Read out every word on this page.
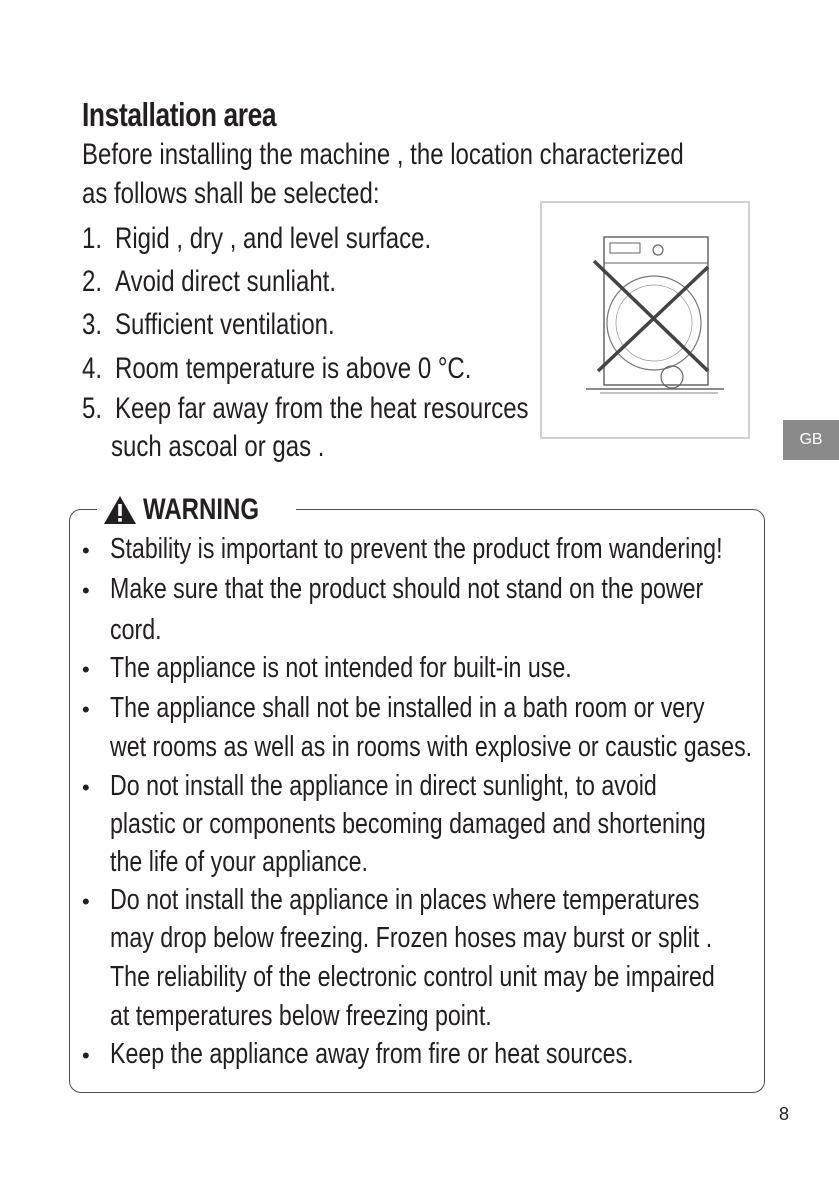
Installation area
Before installing the machine , the location characterized
as follows shall be selected:
1. Rigid , dry , and level surface.
2. Avoid direct sunliaht.
3. Sufficient ventilation.
4. Room temperature is above 0 °C.
5. Keep far away from the heat resources
such ascoal or gas .	GB
WARNING
• Stability is important to prevent the product from wandering!
• Make sure that the product should not stand on the power
cord.
• The appliance is not intended for built-in use.
• The appliance shall not be installed in a bath room or very
wet rooms as well as in rooms with explosive or caustic gases.
• Do not install the appliance in direct sunlight, to avoid
plastic or components becoming damaged and shortening
the life of your appliance.
• Do not install the appliance in places where temperatures
may drop below freezing. Frozen hoses may burst or split .
The reliability of the electronic control unit may be impaired
at temperatures below freezing point.
• Keep the appliance away from fire or heat sources.
8
